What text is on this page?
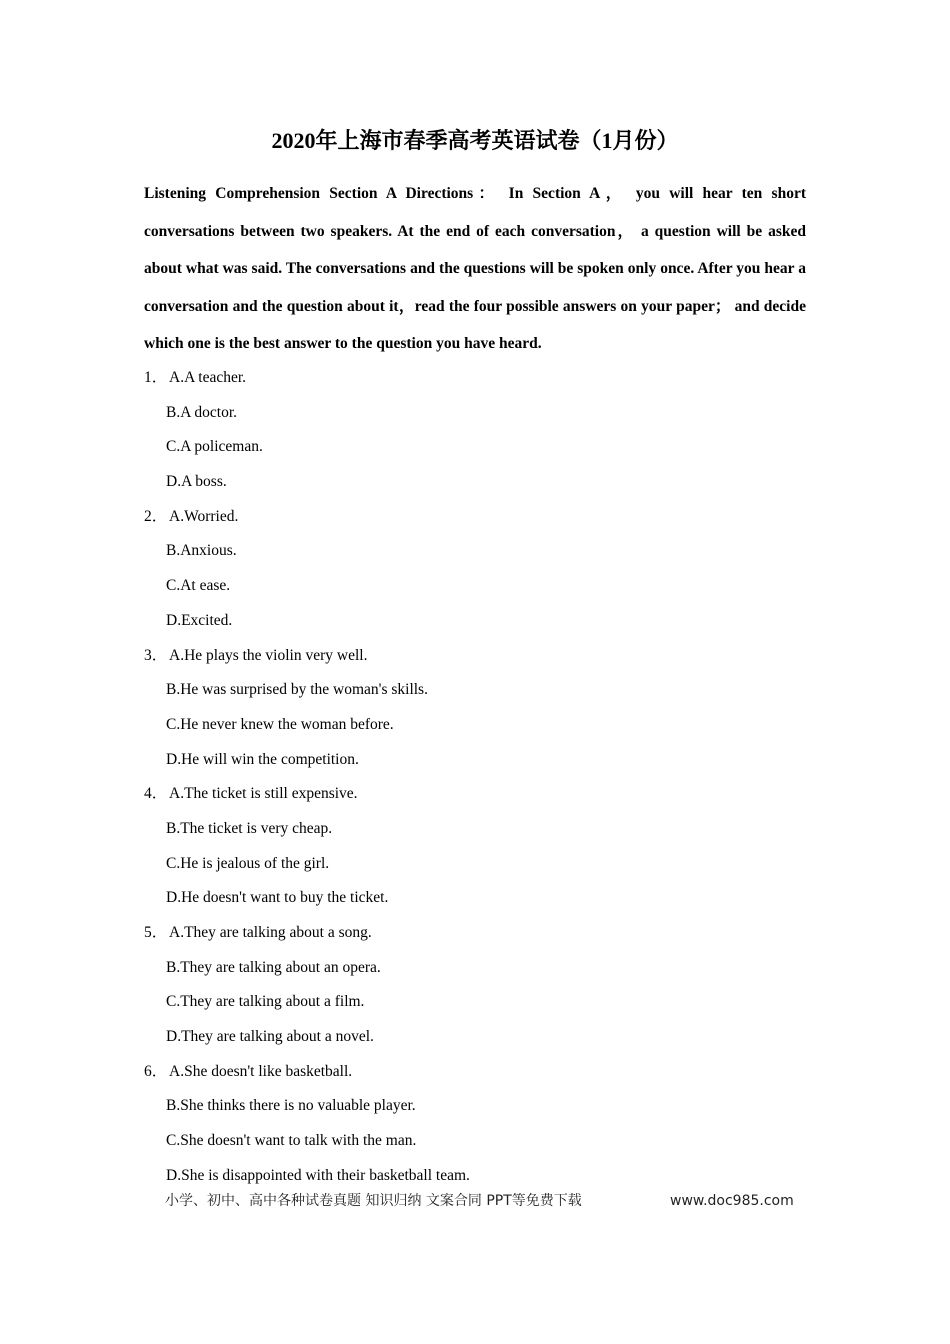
2020年上海市春季高考英语试卷（1月份）
Listening Comprehension Section A Directions： In Section A， you will hear ten short conversations between two speakers. At the end of each conversation， a question will be asked about what was said. The conversations and the questions will be spoken only once. After you hear a conversation and the question about it，read the four possible answers on your paper； and decide which one is the best answer to the question you have heard.
1． A.A teacher.
B.A doctor.
C.A policeman.
D.A boss.
2． A.Worried.
B.Anxious.
C.At ease.
D.Excited.
3． A.He plays the violin very well.
B.He was surprised by the woman's skills.
C.He never knew the woman before.
D.He will win the competition.
4． A.The ticket is still expensive.
B.The ticket is very cheap.
C.He is jealous of the girl.
D.He doesn't want to buy the ticket.
5． A.They are talking about a song.
B.They are talking about an opera.
C.They are talking about a film.
D.They are talking about a novel.
6． A.She doesn't like basketball.
B.She thinks there is no valuable player.
C.She doesn't want to talk with the man.
D.She is disappointed with their basketball team.
小学、初中、高中各种试卷真题 知识归纳 文案合同 PPT等免费下载	www.doc985.com
